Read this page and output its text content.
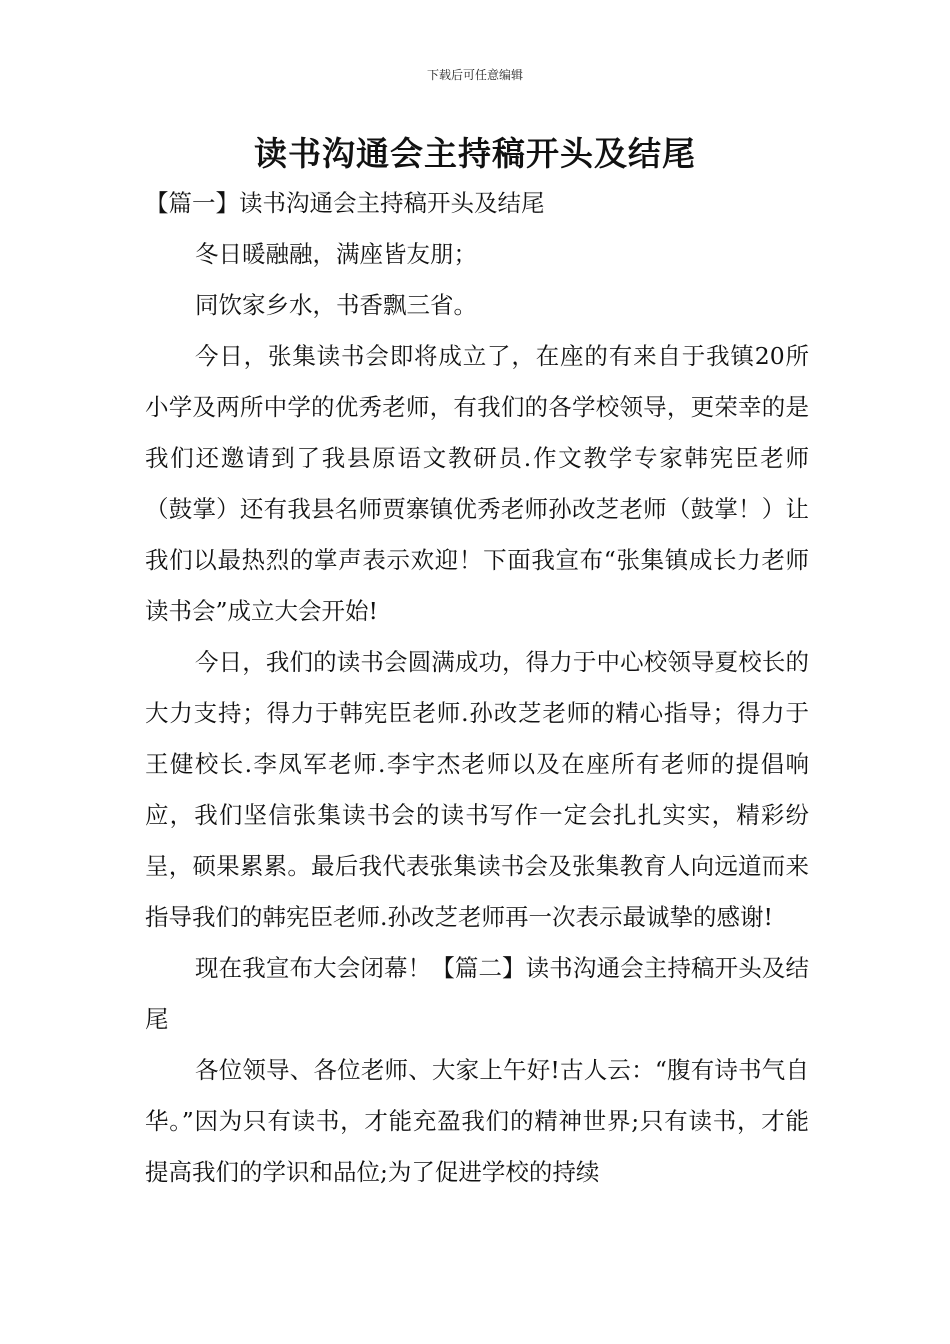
下载后可任意编辑
读书沟通会主持稿开头及结尾

【篇一】读书沟通会主持稿开头及结尾

冬日暖融融，满座皆友朋；

同饮家乡水，书香飘三省。

今日，张集读书会即将成立了，在座的有来自于我镇20所小学及两所中学的优秀老师，有我们的各学校领导，更荣幸的是我们还邀请到了我县原语文教研员.作文教学专家韩宪臣老师（鼓掌）还有我县名师贾寨镇优秀老师孙改芝老师（鼓掌！）让我们以最热烈的掌声表示欢迎！下面我宣布“张集镇成长力老师读书会”成立大会开始!

今日，我们的读书会圆满成功，得力于中心校领导夏校长的大力支持；得力于韩宪臣老师.孙改芝老师的精心指导；得力于王健校长.李凤军老师.李宇杰老师以及在座所有老师的提倡响应，我们坚信张集读书会的读书写作一定会扎扎实实，精彩纷呈，硕果累累。最后我代表张集读书会及张集教育人向远道而来指导我们的韩宪臣老师.孙改芝老师再一次表示最诚挚的感谢!

现在我宣布大会闭幕！【篇二】读书沟通会主持稿开头及结尾

各位领导、各位老师、大家上午好!古人云：“腹有诗书气自华。”因为只有读书，才能充盈我们的精神世界;只有读书，才能提高我们的学识和品位;为了促进学校的持续
